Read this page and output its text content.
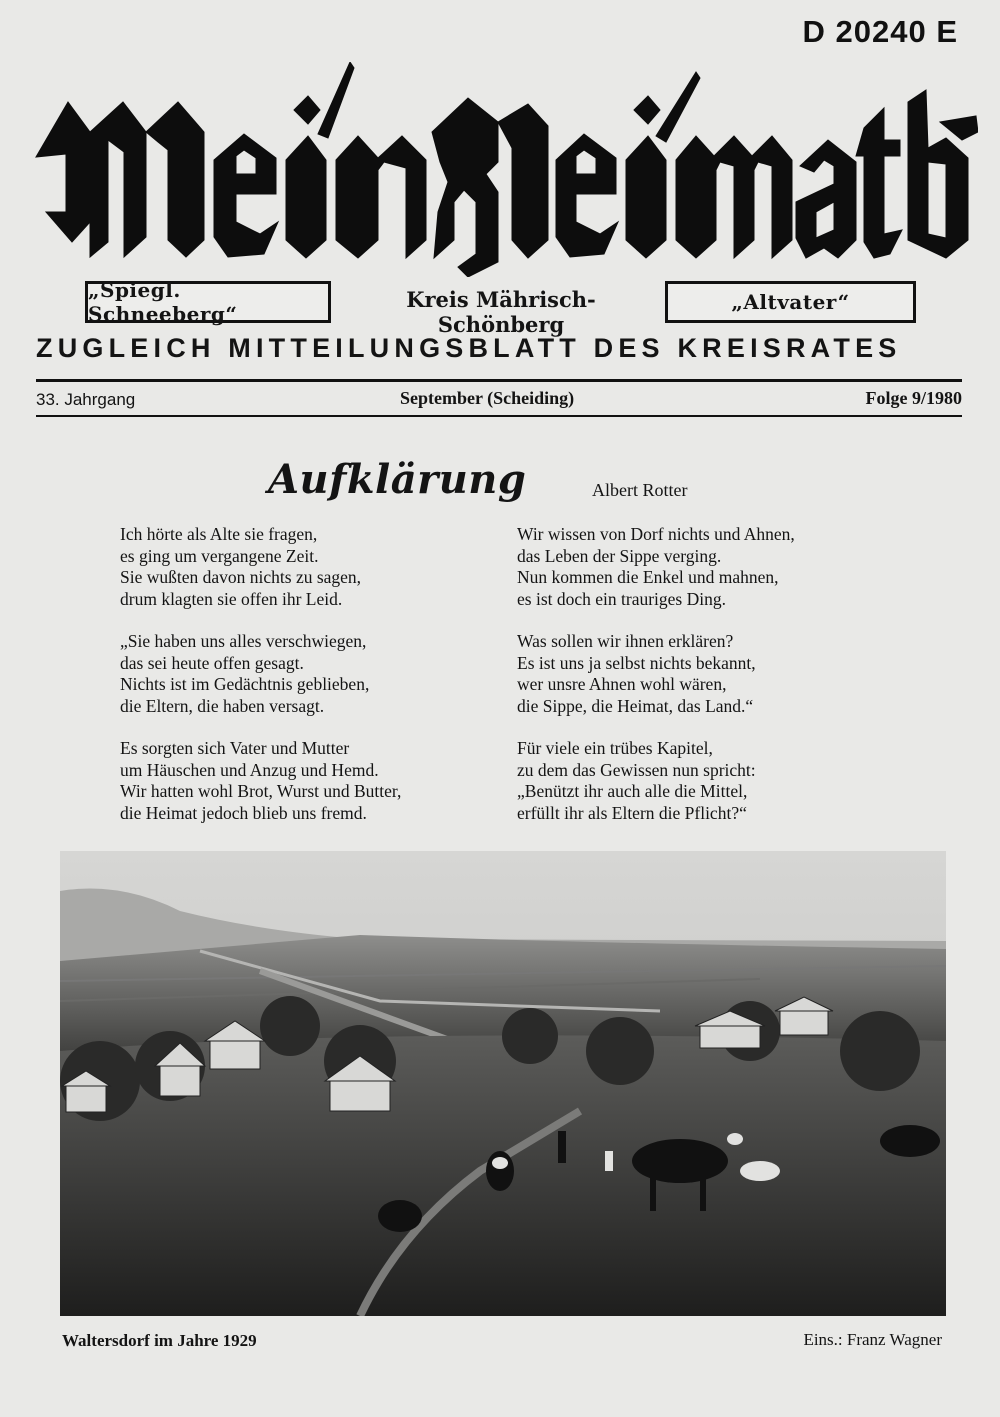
D 20240 E
„Spiegl. Schneeberg“
Kreis Mährisch-Schönberg
„Altvater“
ZUGLEICH MITTEILUNGSBLATT DES KREISRATES
33. Jahrgang	September (Scheiding)	Folge 9/1980
Aufklärung	Albert Rotter
Ich hörte als Alte sie fragen,
es ging um vergangene Zeit.
Sie wußten davon nichts zu sagen,
drum klagten sie offen ihr Leid.
„Sie haben uns alles verschwiegen,
das sei heute offen gesagt.
Nichts ist im Gedächtnis geblieben,
die Eltern, die haben versagt.
Es sorgten sich Vater und Mutter
um Häuschen und Anzug und Hemd.
Wir hatten wohl Brot, Wurst und Butter,
die Heimat jedoch blieb uns fremd.
Wir wissen von Dorf nichts und Ahnen,
das Leben der Sippe verging.
Nun kommen die Enkel und mahnen,
es ist doch ein trauriges Ding.
Was sollen wir ihnen erklären?
Es ist uns ja selbst nichts bekannt,
wer unsre Ahnen wohl wären,
die Sippe, die Heimat, das Land.“
Für viele ein trübes Kapitel,
zu dem das Gewissen nun spricht:
„Benützt ihr auch alle die Mittel,
erfüllt ihr als Eltern die Pflicht?“
Waltersdorf im Jahre 1929	Eins.: Franz Wagner
